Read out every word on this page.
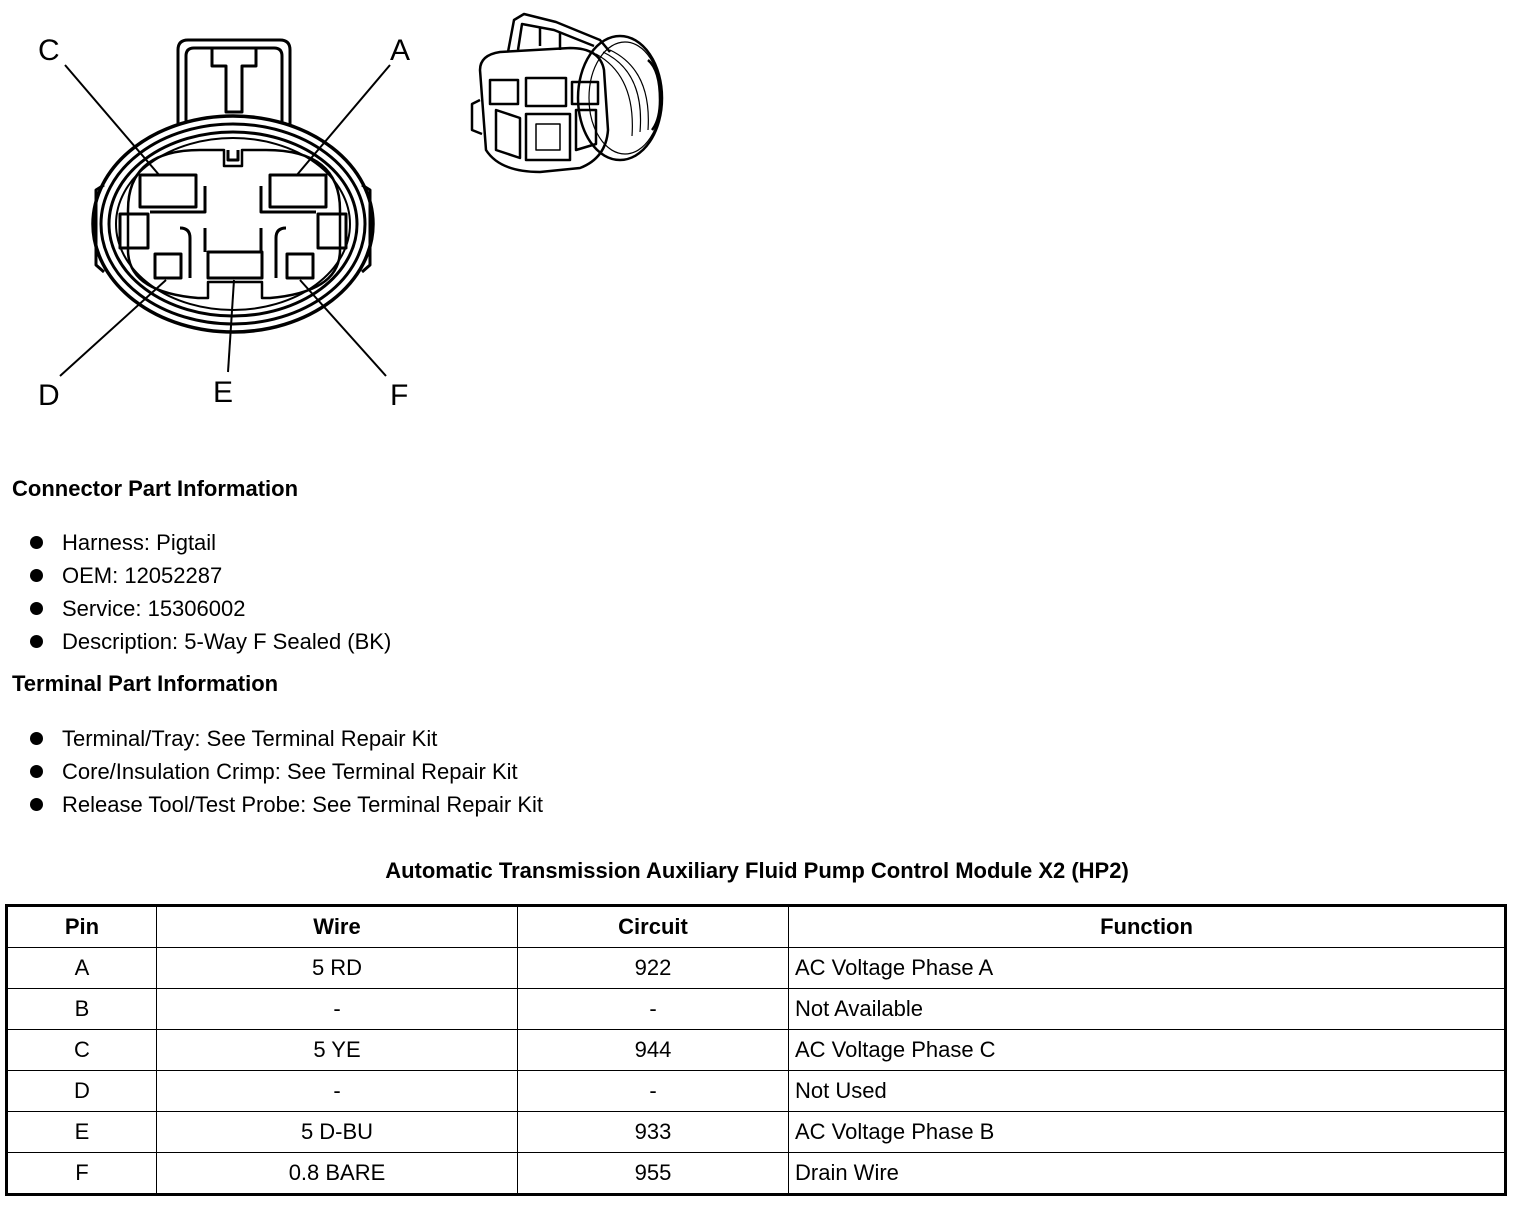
C	A
D	E	F
Connector Part Information
Harness: Pigtail
OEM: 12052287
Service: 15306002
Description: 5-Way F Sealed (BK)
Terminal Part Information
Terminal/Tray: See Terminal Repair Kit
Core/Insulation Crimp: See Terminal Repair Kit
Release Tool/Test Probe: See Terminal Repair Kit
Automatic Transmission Auxiliary Fluid Pump Control Module X2 (HP2)
Pin	Wire	Circuit	Function
A	5 RD	922	AC Voltage Phase A
B	-	-	Not Available
C	5 YE	944	AC Voltage Phase C
D	-	-	Not Used
E	5 D-BU	933	AC Voltage Phase B
F	0.8 BARE	955	Drain Wire
